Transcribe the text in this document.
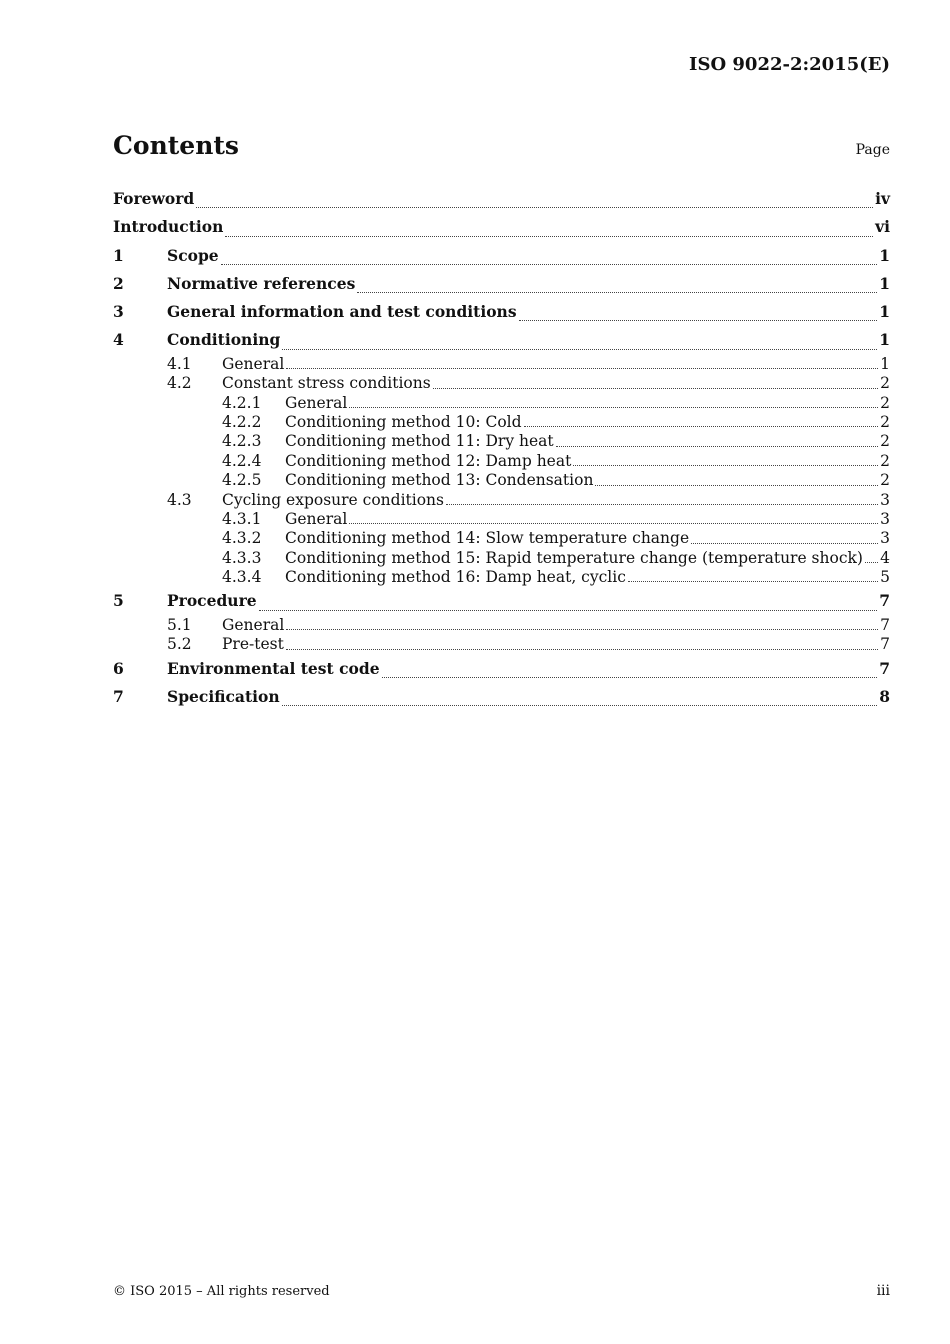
ISO 9022-2:2015(E)
Contents	Page
Foreword	iv
Introduction	vi
1	Scope	1
2	Normative references	1
3	General information and test conditions	1
4	Conditioning	1
4.1	General	1
4.2	Constant stress conditions	2
4.2.1	General	2
4.2.2	Conditioning method 10: Cold	2
4.2.3	Conditioning method 11: Dry heat	2
4.2.4	Conditioning method 12: Damp heat	2
4.2.5	Conditioning method 13: Condensation	2
4.3	Cycling exposure conditions	3
4.3.1	General	3
4.3.2	Conditioning method 14: Slow temperature change	3
4.3.3	Conditioning method 15: Rapid temperature change (temperature shock) 4
4.3.4	Conditioning method 16: Damp heat, cyclic	5
5	Procedure	7
5.1	General	7
5.2	Pre-test	7
6	Environmental test code	7
7	Specification	8
© ISO 2015 – All rights reserved	iii
